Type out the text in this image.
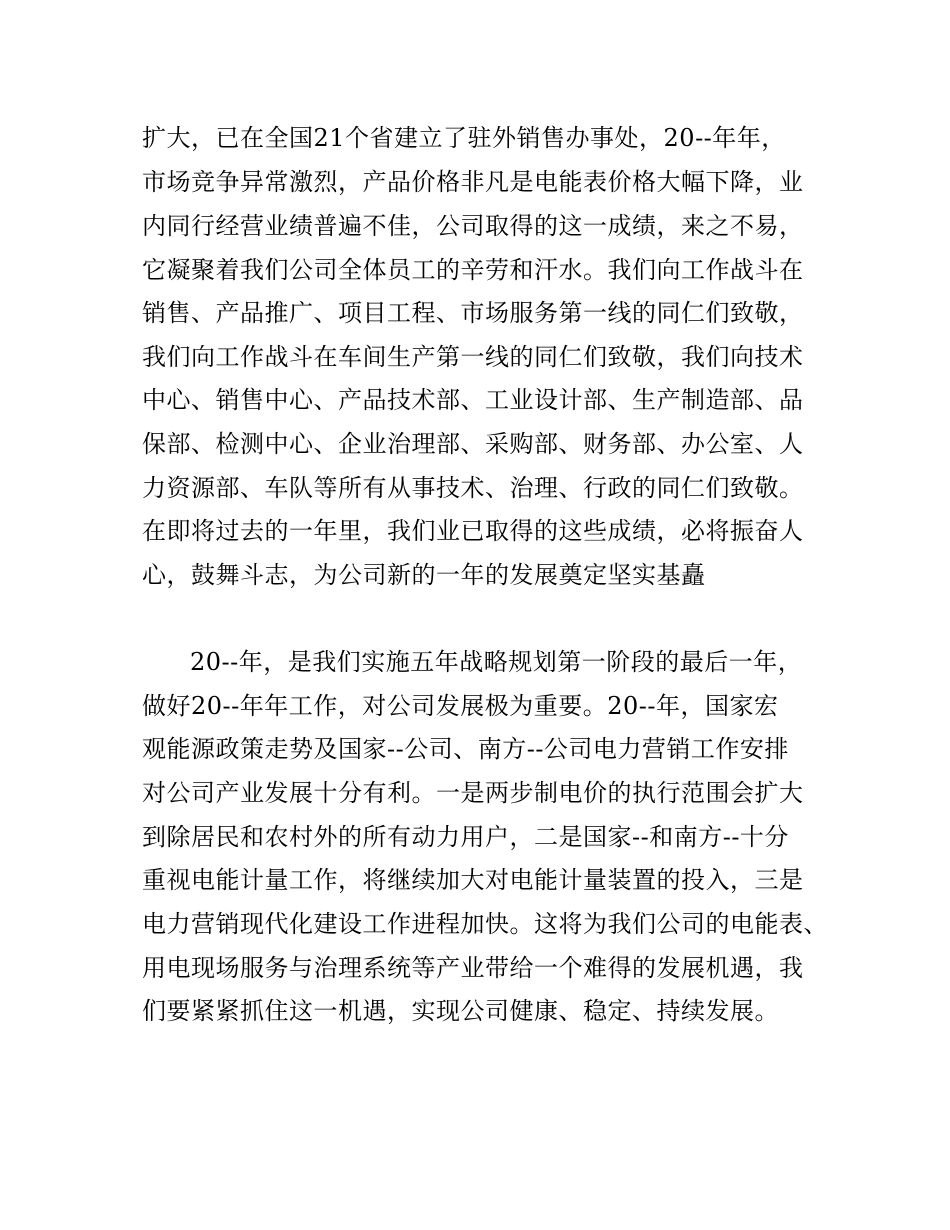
扩大，已在全国21个省建立了驻外销售办事处，20--年年，
市场竞争异常激烈，产品价格非凡是电能表价格大幅下降，业
内同行经营业绩普遍不佳，公司取得的这一成绩，来之不易，
它凝聚着我们公司全体员工的辛劳和汗水。我们向工作战斗在
销售、产品推广、项目工程、市场服务第一线的同仁们致敬，
我们向工作战斗在车间生产第一线的同仁们致敬，我们向技术
中心、销售中心、产品技术部、工业设计部、生产制造部、品
保部、检测中心、企业治理部、采购部、财务部、办公室、人
力资源部、车队等所有从事技术、治理、行政的同仁们致敬。
在即将过去的一年里，我们业已取得的这些成绩，必将振奋人
心，鼓舞斗志，为公司新的一年的发展奠定坚实基矗
20--年，是我们实施五年战略规划第一阶段的最后一年，
做好20--年年工作，对公司发展极为重要。20--年，国家宏
观能源政策走势及国家--公司、南方--公司电力营销工作安排
对公司产业发展十分有利。一是两步制电价的执行范围会扩大
到除居民和农村外的所有动力用户，二是国家--和南方--十分
重视电能计量工作，将继续加大对电能计量装置的投入，三是
电力营销现代化建设工作进程加快。这将为我们公司的电能表、
用电现场服务与治理系统等产业带给一个难得的发展机遇，我
们要紧紧抓住这一机遇，实现公司健康、稳定、持续发展。
